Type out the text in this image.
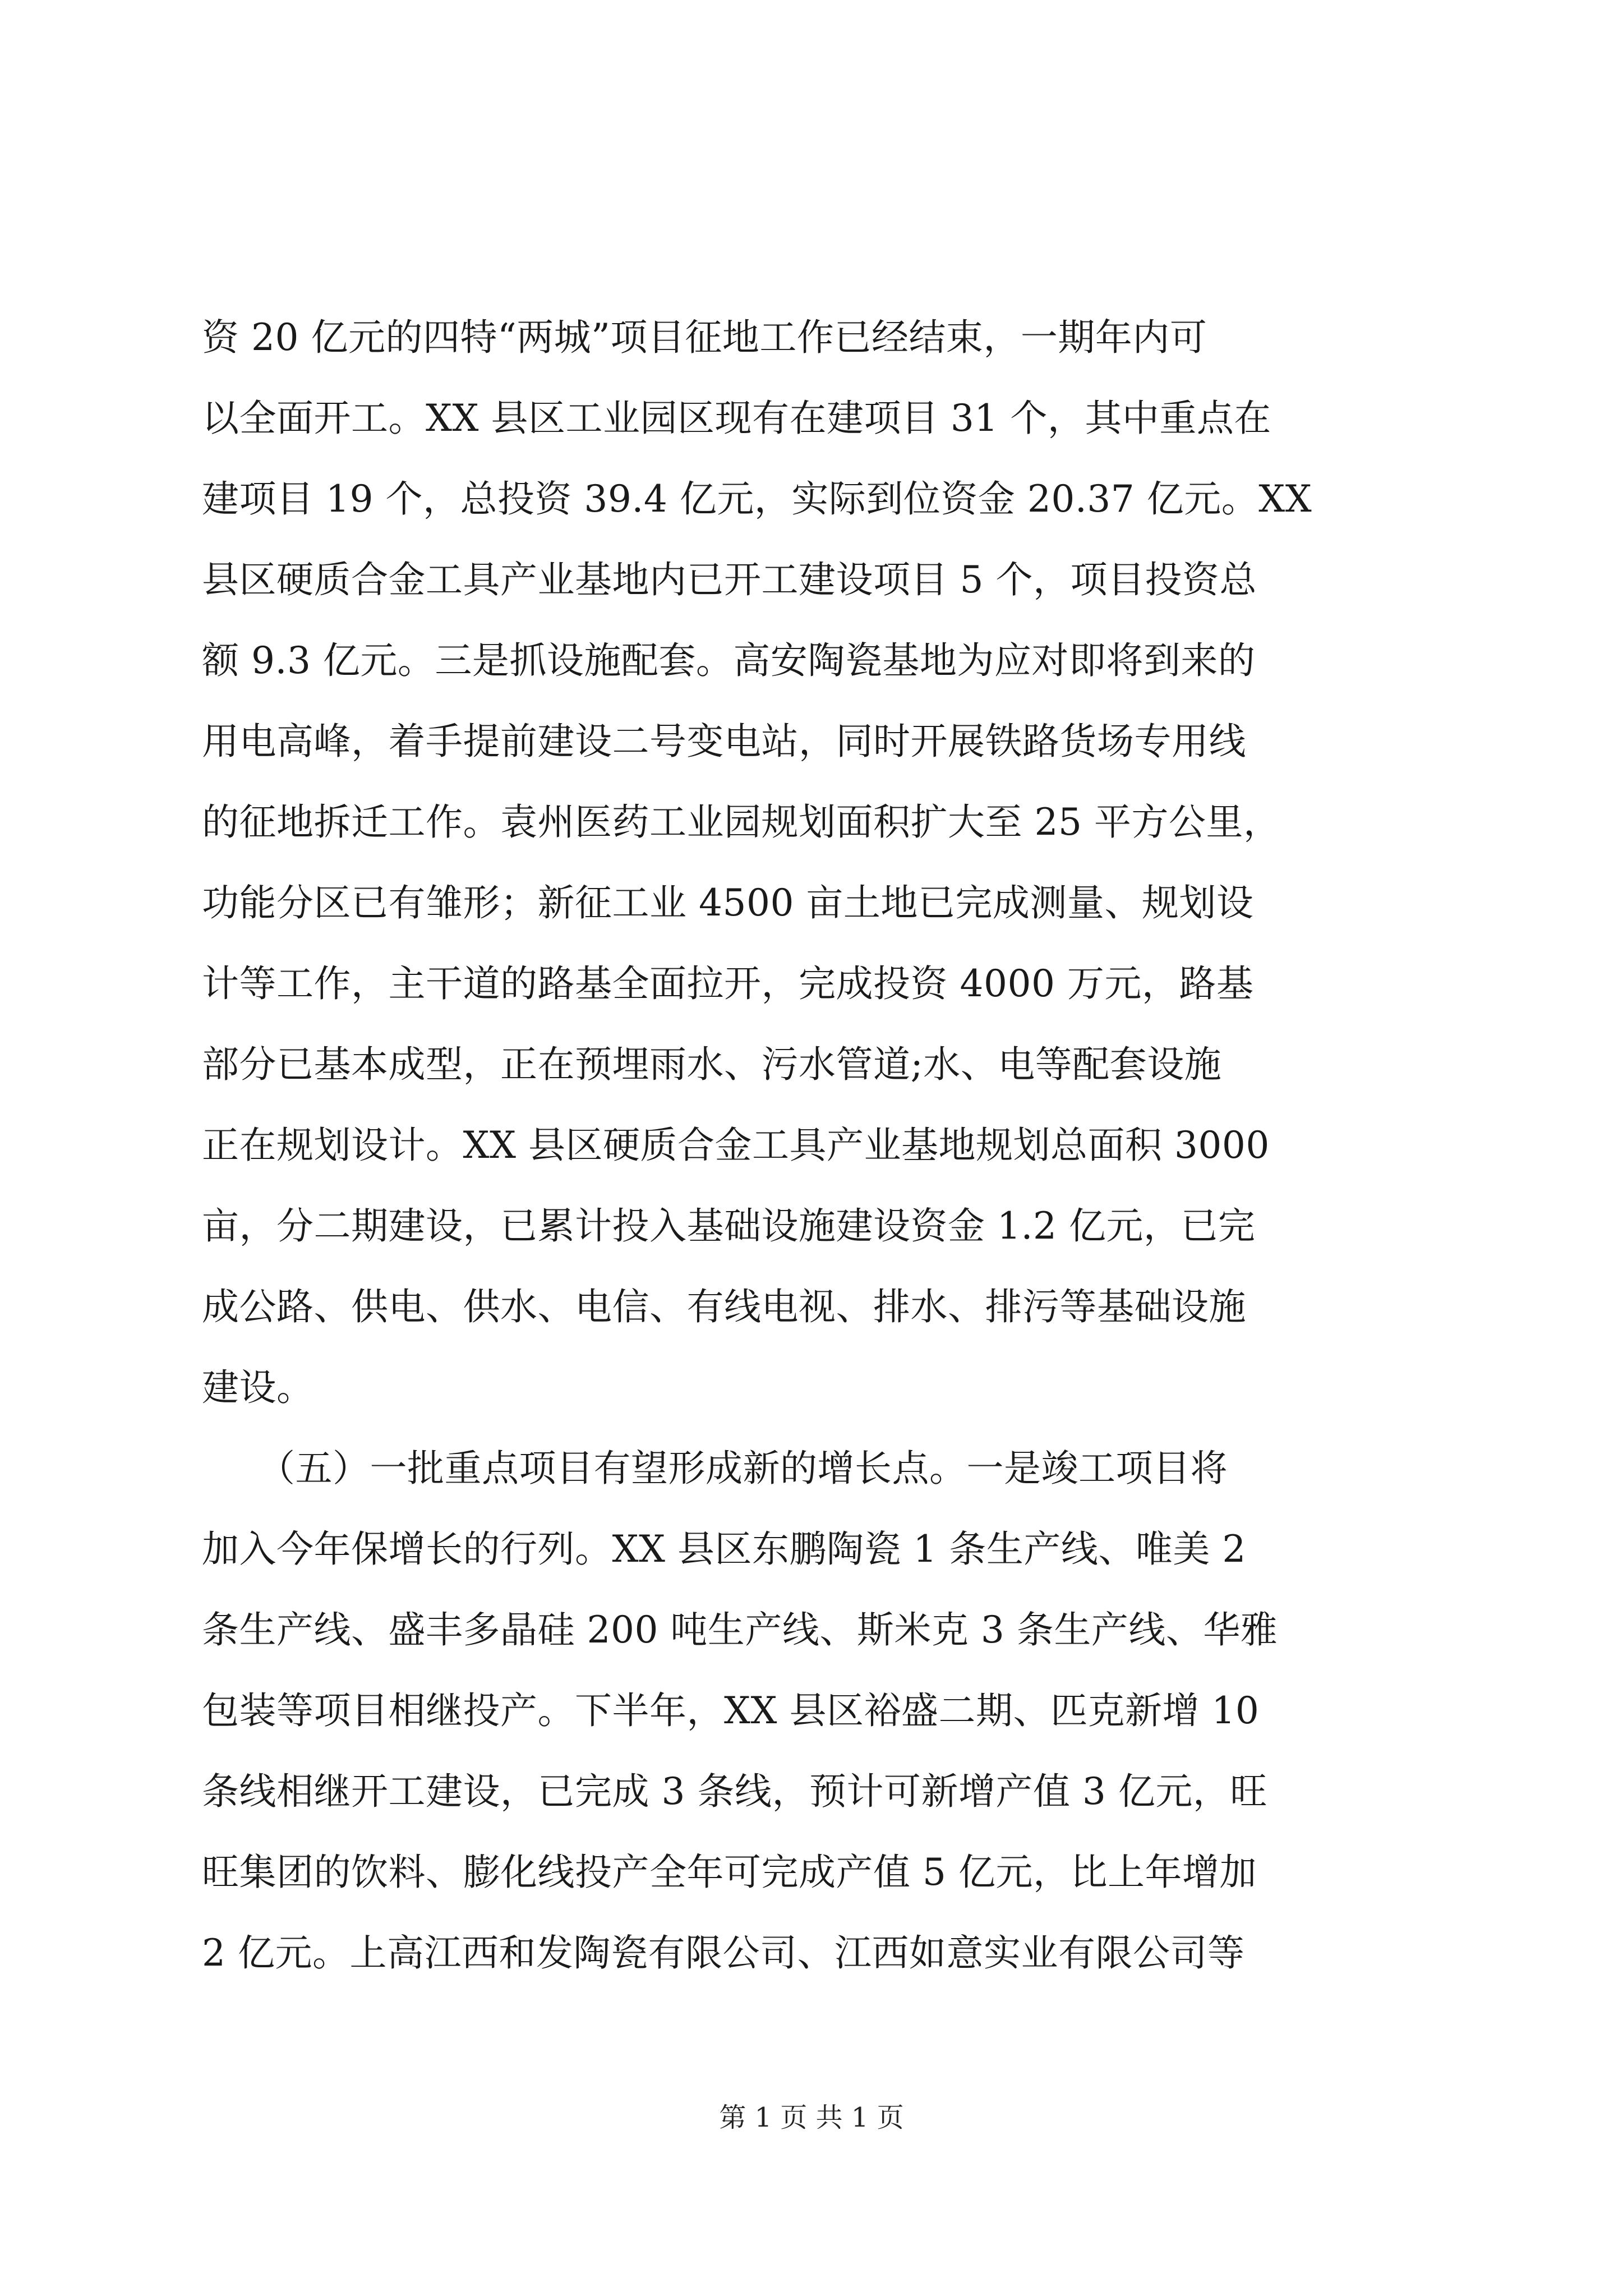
资 20 亿元的四特“两城”项目征地工作已经结束，一期年内可
以全面开工。XX 县区工业园区现有在建项目 31 个，其中重点在
建项目 19 个，总投资 39.4 亿元，实际到位资金 20.37 亿元。XX
县区硬质合金工具产业基地内已开工建设项目 5 个，项目投资总
额 9.3 亿元。三是抓设施配套。高安陶瓷基地为应对即将到来的
用电高峰，着手提前建设二号变电站，同时开展铁路货场专用线
的征地拆迁工作。袁州医药工业园规划面积扩大至 25 平方公里，
功能分区已有雏形；新征工业 4500 亩土地已完成测量、规划设
计等工作，主干道的路基全面拉开，完成投资 4000 万元，路基
部分已基本成型，正在预埋雨水、污水管道;水、电等配套设施
正在规划设计。XX 县区硬质合金工具产业基地规划总面积 3000
亩，分二期建设，已累计投入基础设施建设资金 1.2 亿元，已完
成公路、供电、供水、电信、有线电视、排水、排污等基础设施
建设。
　　（五）一批重点项目有望形成新的增长点。一是竣工项目将
加入今年保增长的行列。XX 县区东鹏陶瓷 1 条生产线、唯美 2
条生产线、盛丰多晶硅 200 吨生产线、斯米克 3 条生产线、华雅
包装等项目相继投产。下半年，XX 县区裕盛二期、匹克新增 10
条线相继开工建设，已完成 3 条线，预计可新增产值 3 亿元，旺
旺集团的饮料、膨化线投产全年可完成产值 5 亿元，比上年增加
2 亿元。上高江西和发陶瓷有限公司、江西如意实业有限公司等
第 1 页 共 1 页
